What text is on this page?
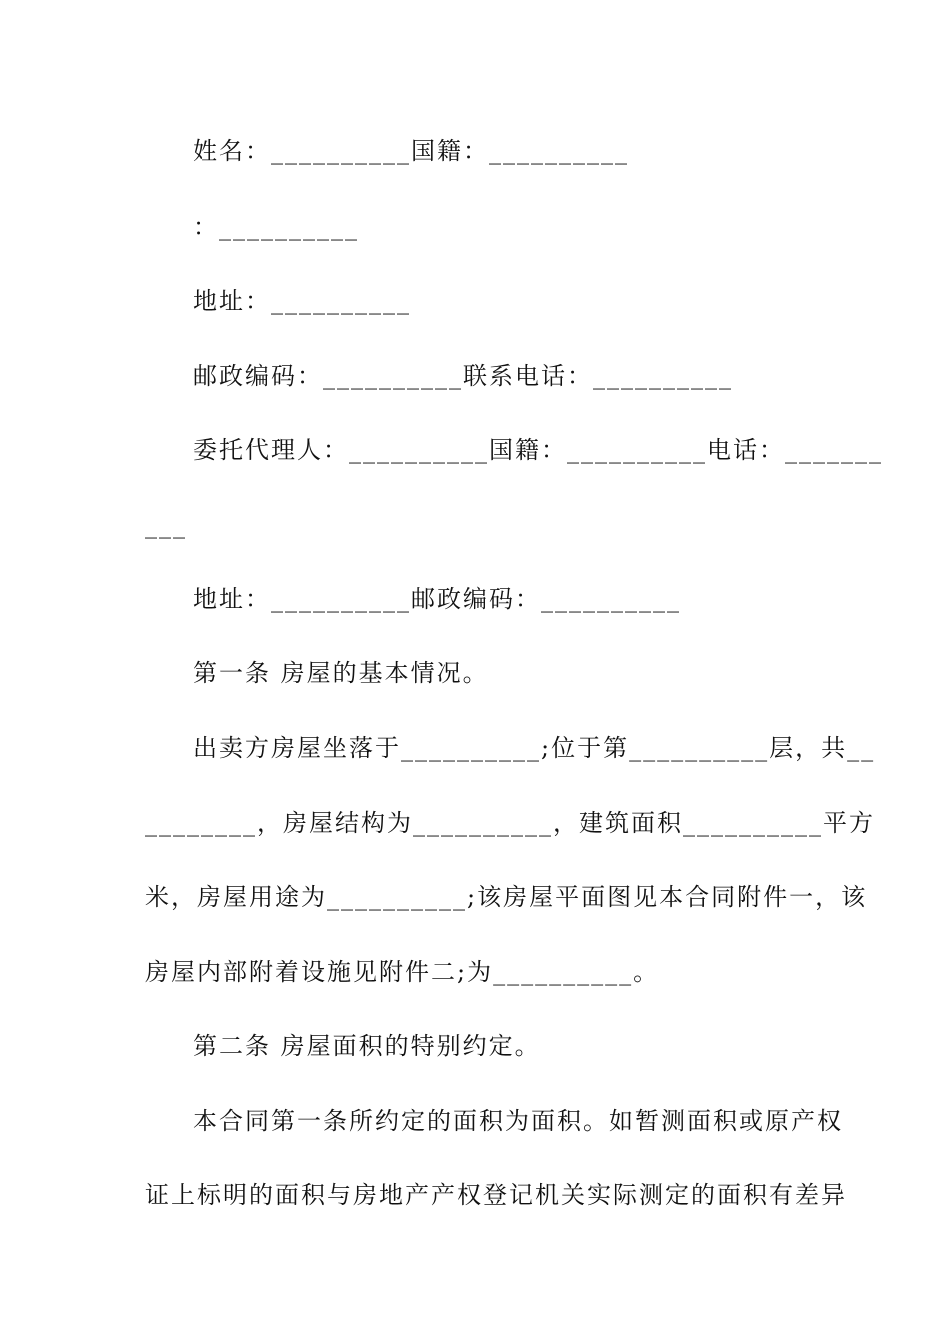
姓名：__________国籍：__________
：__________
地址：__________
邮政编码：__________联系电话：__________
委托代理人：__________国籍：__________电话：_______
___
地址：__________邮政编码：__________
第一条 房屋的基本情况。
出卖方房屋坐落于__________;位于第__________层，共__
________，房屋结构为__________，建筑面积__________平方
米，房屋用途为__________;该房屋平面图见本合同附件一，该
房屋内部附着设施见附件二;为__________。
第二条 房屋面积的特别约定。
本合同第一条所约定的面积为面积。如暂测面积或原产权
证上标明的面积与房地产产权登记机关实际测定的面积有差异
